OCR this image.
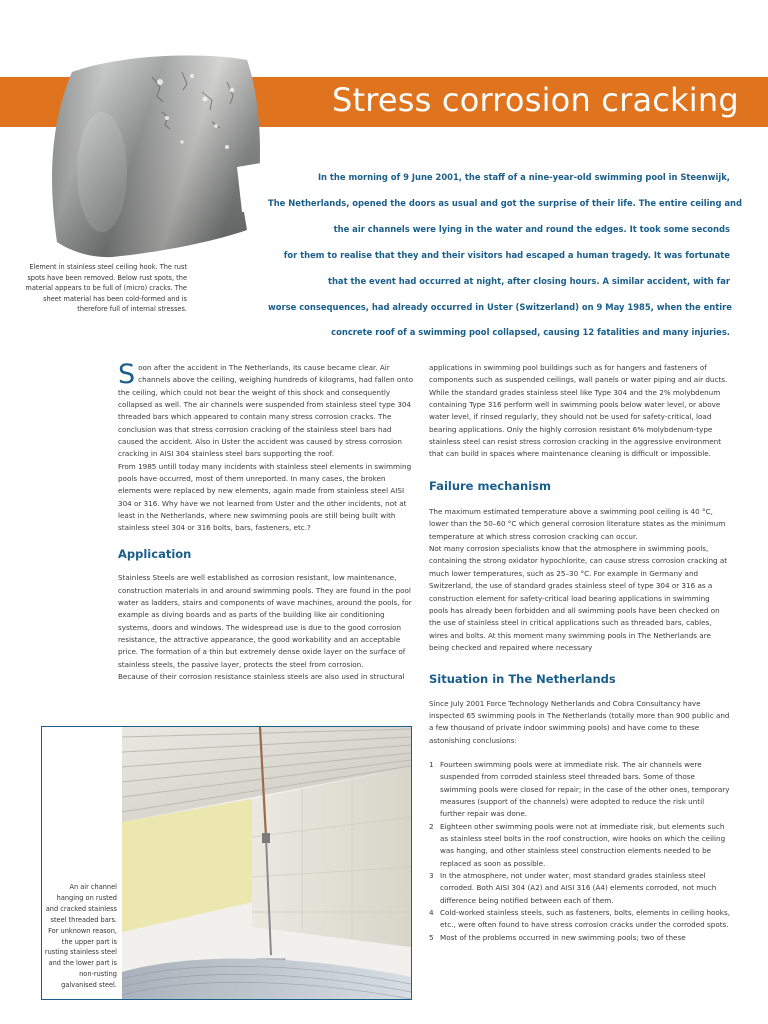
Stress corrosion cracking
Element in stainless steel ceiling hook. The rust spots have been removed. Below rust spots, the material appears to be full of (micro) cracks. The sheet material has been cold-formed and is therefore full of internal stresses.
In the morning of 9 June 2001, the staff of a nine-year-old swimming pool in Steenwijk,
The Netherlands, opened the doors as usual and got the surprise of their life. The entire ceiling and
the air channels were lying in the water and round the edges. It took some seconds
for them to realise that they and their visitors had escaped a human tragedy. It was fortunate
that the event had occurred at night, after closing hours. A similar accident, with far
worse consequences, had already occurred in Uster (Switzerland) on 9 May 1985, when the entire
concrete roof of a swimming pool collapsed, causing 12 fatalities and many injuries.

Soon after the accident in The Netherlands, its cause became clear. Air channels above the ceiling, weighing hundreds of kilograms, had fallen onto the ceiling, which could not bear the weight of this shock and consequently collapsed as well. The air channels were suspended from stainless steel type 304 threaded bars which appeared to contain many stress corrosion cracks. The conclusion was that stress corrosion cracking of the stainless steel bars had caused the accident. Also in Uster the accident was caused by stress corrosion cracking in AISI 304 stainless steel bars supporting the roof.

From 1985 untill today many incidents with stainless steel elements in swimming pools have occurred, most of them unreported. In many cases, the broken elements were replaced by new elements, again made from stainless steel AISI 304 or 316. Why have we not learned from Uster and the other incidents, not at least in the Netherlands, where new swimming pools are still being built with stainless steel 304 or 316 bolts, bars, fasteners, etc.?

Application

Stainless Steels are well established as corrosion resistant, low maintenance, construction materials in and around swimming pools. They are found in the pool water as ladders, stairs and components of wave machines, around the pools, for example as diving boards and as parts of the building like air conditioning systems, doors and windows. The widespread use is due to the good corrosion resistance, the attractive appearance, the good workability and an acceptable price. The formation of a thin but extremely dense oxide layer on the surface of stainless steels, the passive layer, protects the steel from corrosion.

Because of their corrosion resistance stainless steels are also used in structural

applications in swimming pool buildings such as for hangers and fasteners of components such as suspended ceilings, wall panels or water piping and air ducts.

While the standard grades stainless steel like Type 304 and the 2% molybdenum containing Type 316 perform well in swimming pools below water level, or above water level, if rinsed regularly, they should not be used for safety-critical, load bearing applications. Only the highly corrosion resistant 6% molybdenum-type stainless steel can resist stress corrosion cracking in the aggressive environment that can build in spaces where maintenance cleaning is difficult or impossible.

Failure mechanism

The maximum estimated temperature above a swimming pool ceiling is 40 °C, lower than the 50–60 °C which general corrosion literature states as the minimum temperature at which stress corrosion cracking can occur.

Not many corrosion specialists know that the atmosphere in swimming pools, containing the strong oxidator hypochlorite, can cause stress corrosion cracking at much lower temperatures, such as 25–30 °C. For example in Germany and Switzerland, the use of standard grades stainless steel of type 304 or 316 as a construction element for safety-critical load bearing applications in swimming pools has already been forbidden and all swimming pools have been checked on the use of stainless steel in critical applications such as threaded bars, cables, wires and bolts. At this moment many swimming pools in The Netherlands are being checked and repaired where necessary

Situation in The Netherlands

Since July 2001 Force Technology Netherlands and Cobra Consultancy have inspected 65 swimming pools in The Netherlands (totally more than 900 public and a few thousand of private indoor swimming pools) and have come to these astonishing conclusions:

1 Fourteen swimming pools were at immediate risk. The air channels were suspended from corroded stainless steel threaded bars. Some of those swimming pools were closed for repair; in the case of the other ones, temporary measures (support of the channels) were adopted to reduce the risk until further repair was done.
2 Eighteen other swimming pools were not at immediate risk, but elements such as stainless steel bolts in the roof construction, wire hooks on which the ceiling was hanging, and other stainless steel construction elements needed to be replaced as soon as possible.
3 In the atmosphere, not under water, most standard grades stainless steel corroded. Both AISI 304 (A2) and AISI 316 (A4) elements corroded, not much difference being notified between each of them.
4 Cold-worked stainless steels, such as fasteners, bolts, elements in ceiling hooks, etc., were often found to have stress corrosion cracks under the corroded spots.
5 Most of the problems occurred in new swimming pools; two of these
An air channel hanging on rusted and cracked stainless steel threaded bars. For unknown reason, the upper part is rusting stainless steel and the lower part is non-rusting galvanised steel.
